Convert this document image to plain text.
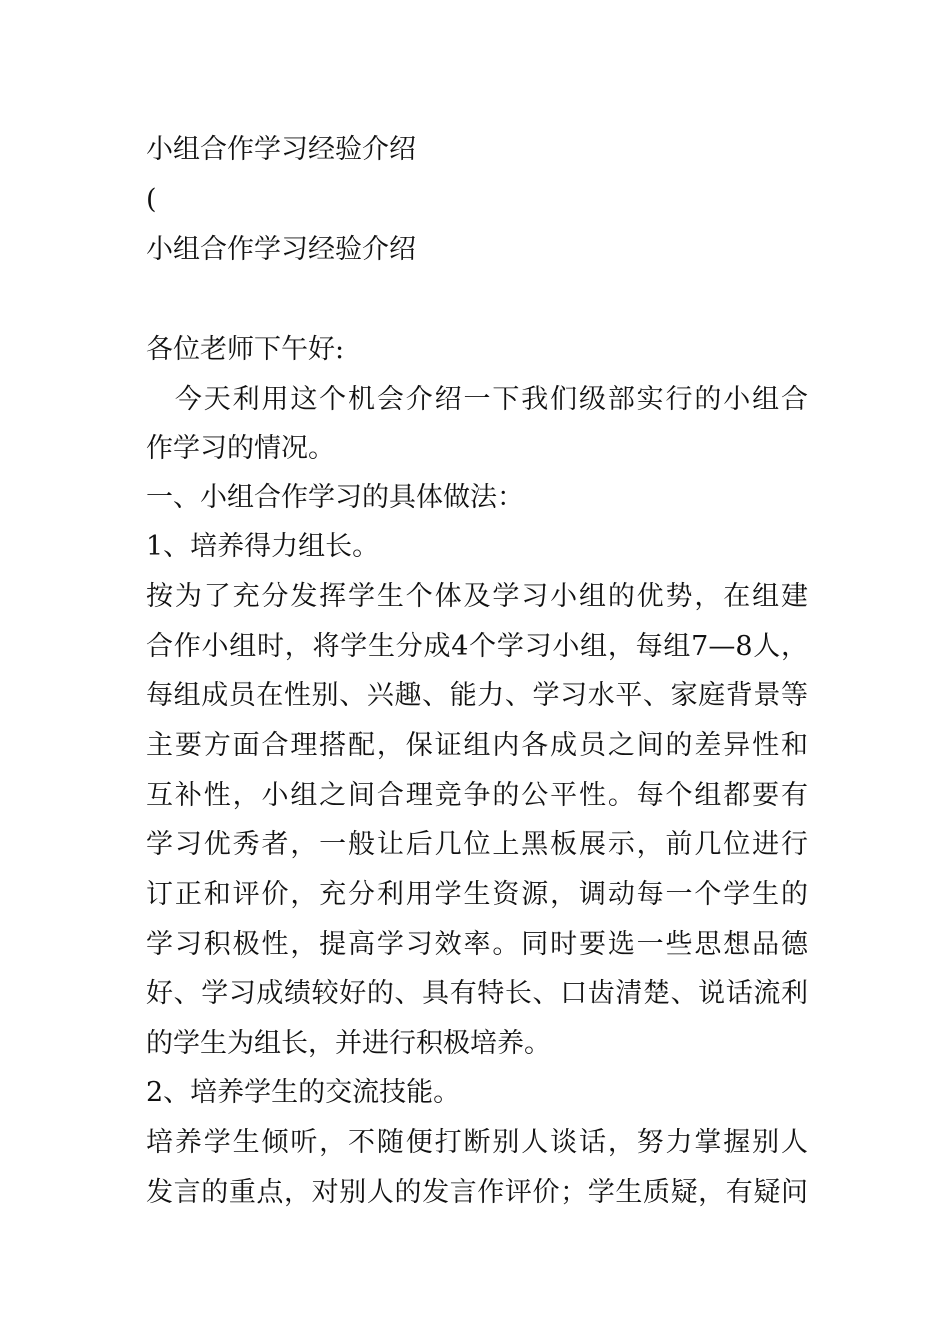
小组合作学习经验介绍
(
小组合作学习经验介绍
各位老师下午好:
　今天利用这个机会介绍一下我们级部实行的小组合
作学习的情况。
一、小组合作学习的具体做法：
1、培养得力组长。
按为了充分发挥学生个体及学习小组的优势，在组建
合作小组时，将学生分成4个学习小组，每组7—8人，
每组成员在性别、兴趣、能力、学习水平、家庭背景等
主要方面合理搭配，保证组内各成员之间的差异性和
互补性，小组之间合理竞争的公平性。每个组都要有
学习优秀者，一般让后几位上黑板展示，前几位进行
订正和评价，充分利用学生资源，调动每一个学生的
学习积极性，提高学习效率。同时要选一些思想品德
好、学习成绩较好的、具有特长、口齿清楚、说话流利
的学生为组长，并进行积极培养。
2、培养学生的交流技能。
培养学生倾听，不随便打断别人谈话，努力掌握别人
发言的重点，对别人的发言作评价；学生质疑，有疑问
